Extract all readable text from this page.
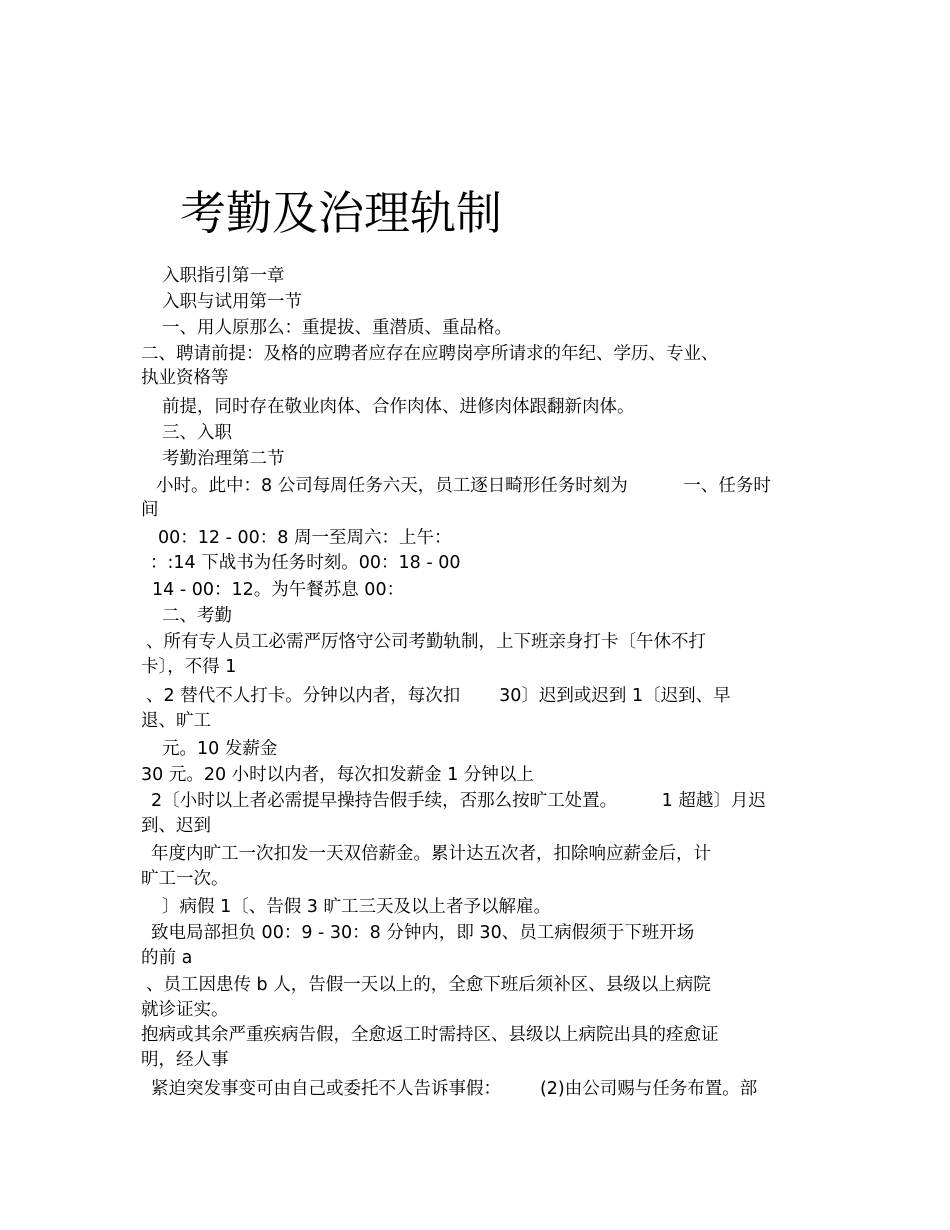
考勤及治理轨制
入职指引第一章
入职与试用第一节
一、用人原那么：重提拔、重潜质、重品格。
二、聘请前提：及格的应聘者应存在应聘岗亭所请求的年纪、学历、专业、
执业资格等
前提，同时存在敬业肉体、合作肉体、进修肉体跟翻新肉体。
三、入职
考勤治理第二节
小时。此中：8 公司每周任务六天，员工逐日畸形任务时刻为          一、任务时
间
00：12 - 00：8 周一至周六：上午：
：:14 下战书为任务时刻。00：18 - 00
14 - 00：12。为午餐苏息 00：
二、考勤
、所有专人员工必需严厉恪守公司考勤轨制，上下班亲身打卡〔午休不打
卡〕，不得 1
、2 替代不人打卡。分钟以内者，每次扣       30〕迟到或迟到 1〔迟到、早
退、旷工
元。10 发薪金
30 元。20 小时以内者，每次扣发薪金 1 分钟以上
2〔小时以上者必需提早操持告假手续，否那么按旷工处置。        1 超越〕月迟
到、迟到
年度内旷工一次扣发一天双倍薪金。累计达五次者，扣除响应薪金后，计
旷工一次。
〕病假 1〔、告假 3 旷工三天及以上者予以解雇。
致电局部担负 00：9 - 30：8 分钟内，即 30、员工病假须于下班开场
的前 a
、员工因患传 b 人，告假一天以上的，全愈下班后须补区、县级以上病院
就诊证实。
抱病或其余严重疾病告假，全愈返工时需持区、县级以上病院出具的痊愈证
明，经人事
紧迫突发事变可由自己或委托不人告诉事假：       (2)由公司赐与任务布置。部
